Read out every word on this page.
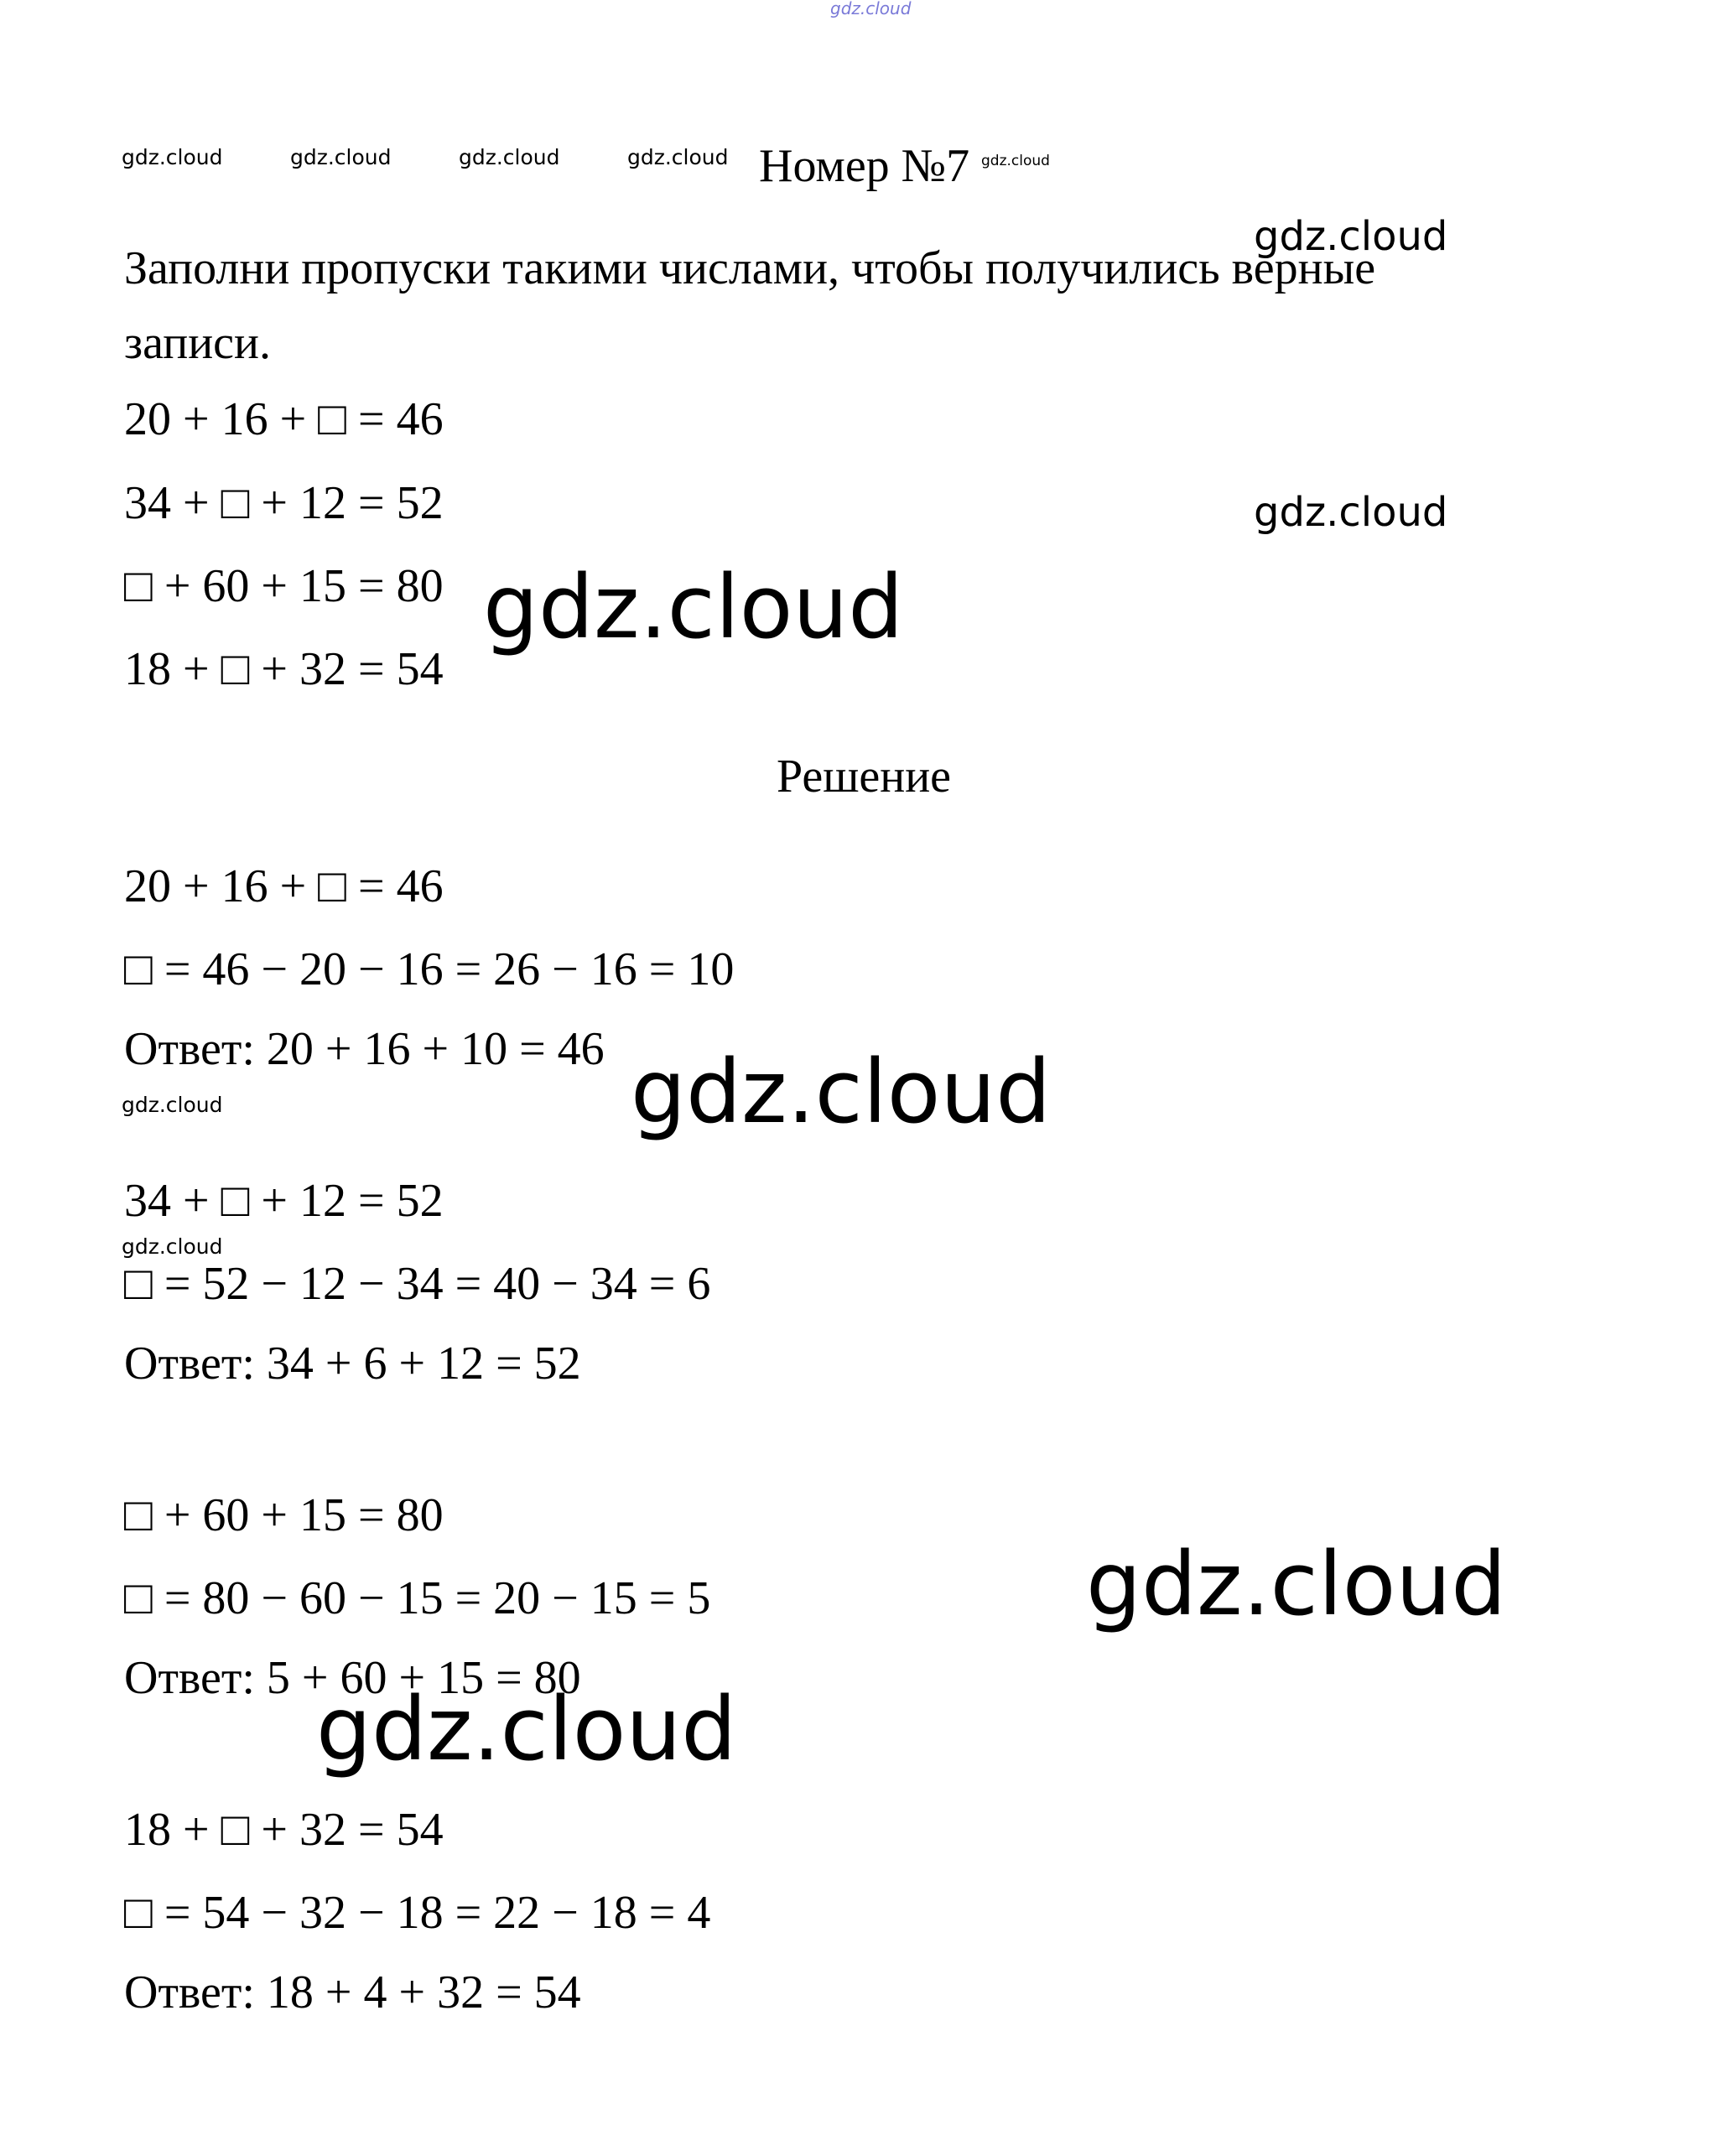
gdz.cloud
gdz.cloud	gdz.cloud	gdz.cloud	gdz.cloud	gdz.cloud
gdz.cloud
gdz.cloud
gdz.cloud
gdz.cloud
gdz.cloud
gdz.cloud
gdz.cloud
gdz.cloud
Номер №7
Заполни пропуски такими числами, чтобы получились верные
записи.
20 + 16 + □ = 46
34 + □ + 12 = 52
□ + 60 + 15 = 80
18 + □ + 32 = 54
Решение
20 + 16 + □ = 46
□ = 46 − 20 − 16 = 26 − 16 = 10
Ответ: 20 + 16 + 10 = 46
34 + □ + 12 = 52
□ = 52 − 12 − 34 = 40 − 34 = 6
Ответ: 34 + 6 + 12 = 52
□ + 60 + 15 = 80
□ = 80 − 60 − 15 = 20 − 15 = 5
Ответ: 5 + 60 + 15 = 80
18 + □ + 32 = 54
□ = 54 − 32 − 18 = 22 − 18 = 4
Ответ: 18 + 4 + 32 = 54
